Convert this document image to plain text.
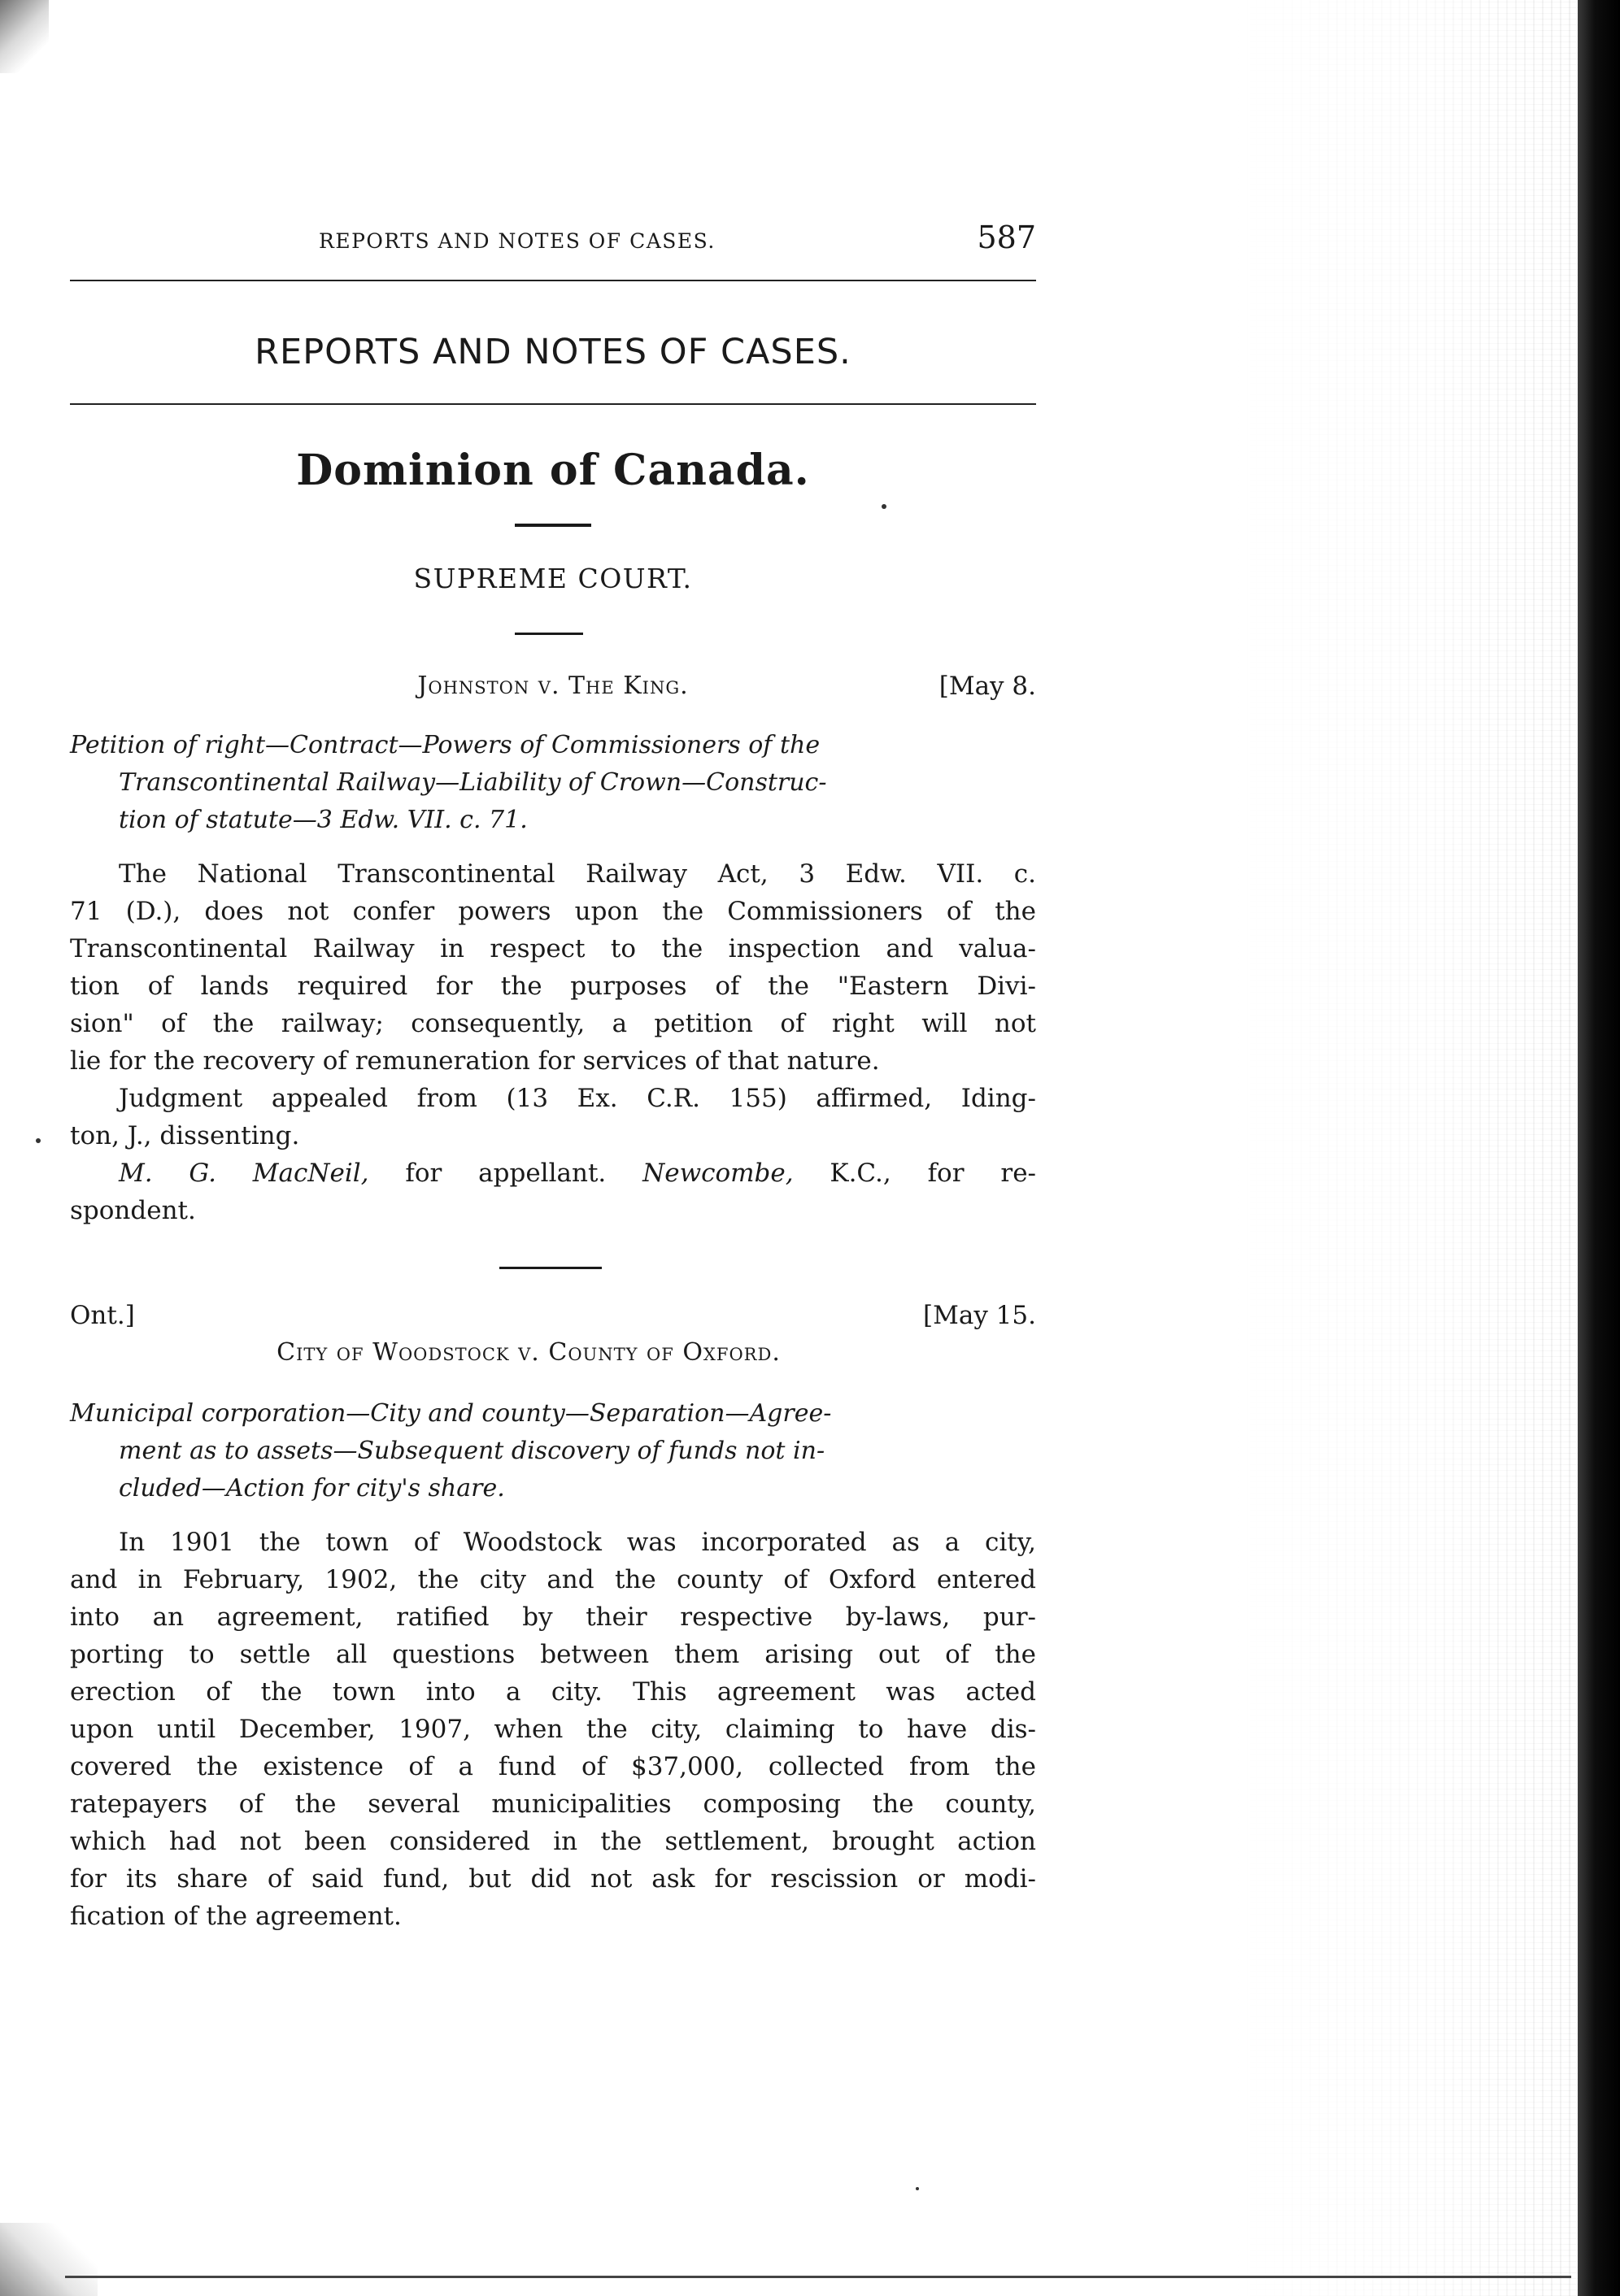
REPORTS AND NOTES OF CASES.	587
REPORTS AND NOTES OF CASES.
Dominion of Canada.
SUPREME COURT.
Johnston v. The King.	[May 8.
Petition of right—Contract—Powers of Commissioners of the
Transcontinental Railway—Liability of Crown—Construc-
tion of statute—3 Edw. VII. c. 71.
The National Transcontinental Railway Act, 3 Edw. VII. c.
71 (D.), does not confer powers upon the Commissioners of the
Transcontinental Railway in respect to the inspection and valua-
tion of lands required for the purposes of the "Eastern Divi-
sion" of the railway; consequently, a petition of right will not
lie for the recovery of remuneration for services of that nature.
Judgment appealed from (13 Ex. C.R. 155) affirmed, Iding-
ton, J., dissenting.
M. G. MacNeil, for appellant. Newcombe, K.C., for re-
spondent.
Ont.]	[May 15.
City of Woodstock v. County of Oxford.
Municipal corporation—City and county—Separation—Agree-
ment as to assets—Subsequent discovery of funds not in-
cluded—Action for city's share.
In 1901 the town of Woodstock was incorporated as a city,
and in February, 1902, the city and the county of Oxford entered
into an agreement, ratified by their respective by-laws, pur-
porting to settle all questions between them arising out of the
erection of the town into a city. This agreement was acted
upon until December, 1907, when the city, claiming to have dis-
covered the existence of a fund of $37,000, collected from the
ratepayers of the several municipalities composing the county,
which had not been considered in the settlement, brought action
for its share of said fund, but did not ask for rescission or modi-
fication of the agreement.
